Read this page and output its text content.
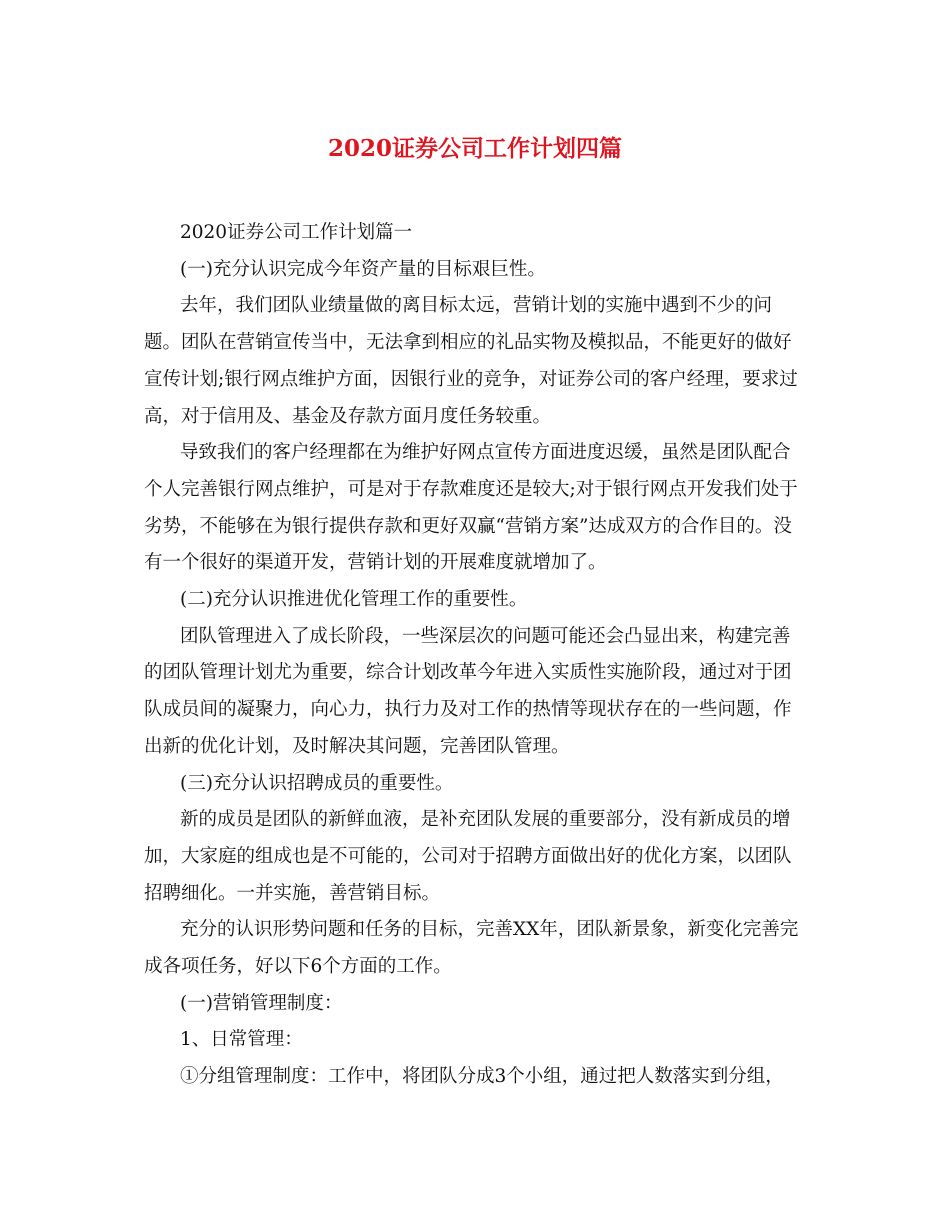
2020证券公司工作计划四篇

2020证券公司工作计划篇一

(一)充分认识完成今年资产量的目标艰巨性。

去年，我们团队业绩量做的离目标太远，营销计划的实施中遇到不少的问
题。团队在营销宣传当中，无法拿到相应的礼品实物及模拟品，不能更好的做好
宣传计划;银行网点维护方面，因银行业的竞争，对证券公司的客户经理，要求过
高，对于信用及、基金及存款方面月度任务较重。

导致我们的客户经理都在为维护好网点宣传方面进度迟缓，虽然是团队配合
个人完善银行网点维护，可是对于存款难度还是较大;对于银行网点开发我们处于
劣势，不能够在为银行提供存款和更好双赢“营销方案”达成双方的合作目的。没
有一个很好的渠道开发，营销计划的开展难度就增加了。

(二)充分认识推进优化管理工作的重要性。

团队管理进入了成长阶段，一些深层次的问题可能还会凸显出来，构建完善
的团队管理计划尤为重要，综合计划改革今年进入实质性实施阶段，通过对于团
队成员间的凝聚力，向心力，执行力及对工作的热情等现状存在的一些问题，作
出新的优化计划，及时解决其问题，完善团队管理。

(三)充分认识招聘成员的重要性。

新的成员是团队的新鲜血液，是补充团队发展的重要部分，没有新成员的增
加，大家庭的组成也是不可能的，公司对于招聘方面做出好的优化方案，以团队
招聘细化。一并实施，善营销目标。

充分的认识形势问题和任务的目标，完善XX年，团队新景象，新变化完善完
成各项任务，好以下6个方面的工作。

(一)营销管理制度：

1、日常管理：

①分组管理制度：工作中，将团队分成3个小组，通过把人数落实到分组，
